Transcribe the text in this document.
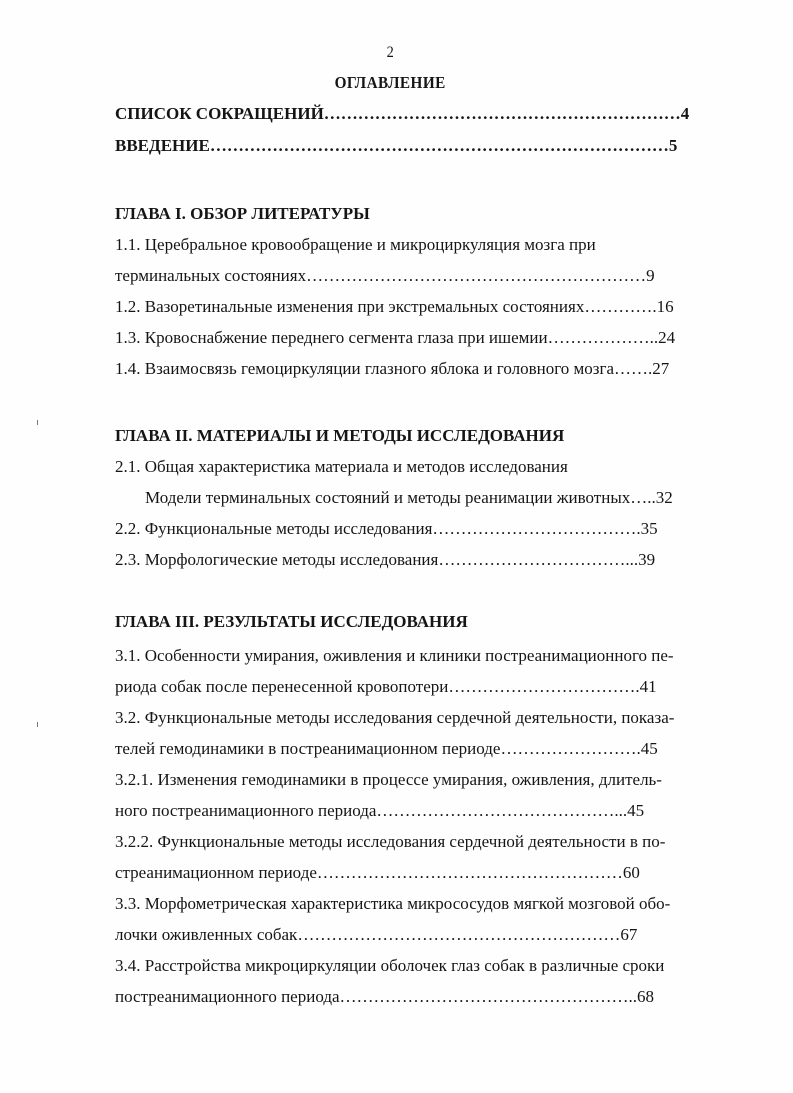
2
ОГЛАВЛЕНИЕ
СПИСОК СОКРАЩЕНИЙ………………………………………………………4
ВВЕДЕНИЕ………………………………………………………………………5
ГЛАВА I. ОБЗОР ЛИТЕРАТУРЫ
1.1. Церебральное кровообращение и микроциркуляция мозга при
терминальных состояниях……………………………………………………9
1.2. Вазоретинальные изменения при экстремальных состояниях………….16
1.3. Кровоснабжение переднего сегмента глаза при ишемии………………..24
1.4. Взаимосвязь гемоциркуляции глазного яблока и головного мозга…….27
ГЛАВА II. МАТЕРИАЛЫ И МЕТОДЫ ИССЛЕДОВАНИЯ
2.1. Общая характеристика материала и методов исследования
Модели терминальных состояний и методы реанимации животных…..32
2.2. Функциональные методы исследования……………………………….35
2.3. Морфологические методы исследования……………………………...39
ГЛАВА III. РЕЗУЛЬТАТЫ ИССЛЕДОВАНИЯ
3.1. Особенности умирания, оживления и клиники постреанимационного пе-
риода собак после перенесенной кровопотери…………………………….41
3.2. Функциональные методы исследования сердечной деятельности, показа-
телей гемодинамики в постреанимационном периоде…………………….45
3.2.1. Изменения гемодинамики в процессе умирания, оживления, длитель-
ного постреанимационного периода……………………………………...45
3.2.2. Функциональные методы исследования сердечной деятельности в по-
стреанимационном периоде………………………………………………60
3.3. Морфометрическая характеристика микрососудов мягкой мозговой обо-
лочки оживленных собак…………………………………………………67
3.4. Расстройства микроциркуляции оболочек глаз собак в различные сроки
постреанимационного периода……………………………………………..68
